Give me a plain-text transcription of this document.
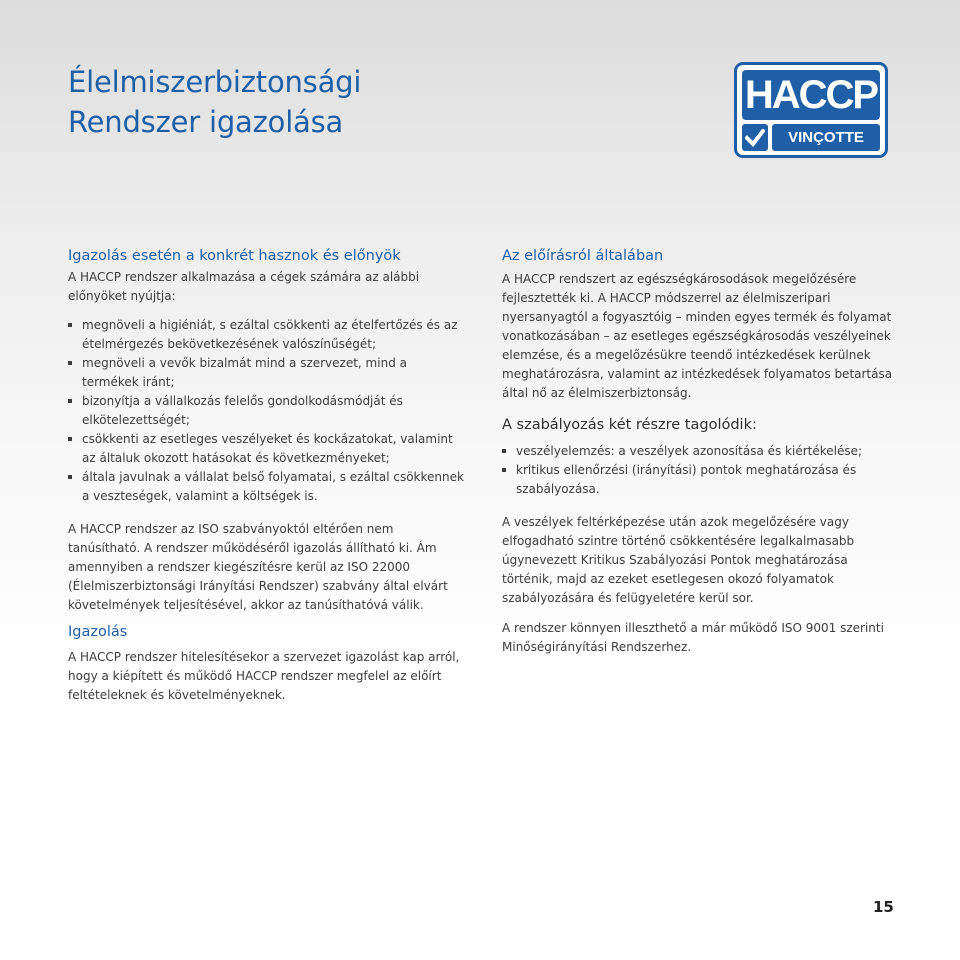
Élelmiszerbiztonsági
Rendszer igazolása
HACCP
VINÇOTTE
Igazolás esetén a konkrét hasznok és előnyök

A HACCP rendszer alkalmazása a cégek számára az alábbi előnyöket nyújtja:

megnöveli a higiéniát, s ezáltal csökkenti az ételfertőzés és az ételmérgezés bekövetkezésének valószínűségét;
megnöveli a vevők bizalmát mind a szervezet, mind a termékek iránt;
bizonyítja a vállalkozás felelős gondolkodásmódját és elkötelezettségét;
csökkenti az esetleges veszélyeket és kockázatokat, valamint az általuk okozott hatásokat és következményeket;
általa javulnak a vállalat belső folyamatai, s ezáltal csökkennek a veszteségek, valamint a költségek is.

A HACCP rendszer az ISO szabványoktól eltérően nem tanúsítható. A rendszer működéséről igazolás állítható ki. Ám amennyiben a rendszer kiegészítésre kerül az ISO 22000 (Élelmiszerbiztonsági Irányítási Rendszer) szabvány által elvárt követelmények teljesítésével, akkor az tanúsíthatóvá válik.

Igazolás

A HACCP rendszer hitelesítésekor a szervezet igazolást kap arról, hogy a kiépített és működő HACCP rendszer megfelel az előírt feltételeknek és követelményeknek.

Az előírásról általában

A HACCP rendszert az egészségkárosodások megelőzésére fejlesztették ki. A HACCP módszerrel az élelmiszeripari nyersanyagtól a fogyasztóig – minden egyes termék és folyamat vonatkozásában – az esetleges egészségkárosodás veszélyeinek elemzése, és a megelőzésükre teendő intézkedések kerülnek meghatározásra, valamint az intézkedések folyamatos betartása által nő az élelmiszerbiztonság.

A szabályozás két részre tagolódik:
veszélyelemzés: a veszélyek azonosítása és kiértékelése;
kritikus ellenőrzési (irányítási) pontok meghatározása és szabályozása.

A veszélyek feltérképezése után azok megelőzésére vagy elfogadható szintre történő csökkentésére legalkalmasabb úgynevezett Kritikus Szabályozási Pontok meghatározása történik, majd az ezeket esetlegesen okozó folyamatok szabályozására és felügyeletére kerül sor.

A rendszer könnyen illeszthető a már működő ISO 9001 szerinti Minőségirányítási Rendszerhez.

15
